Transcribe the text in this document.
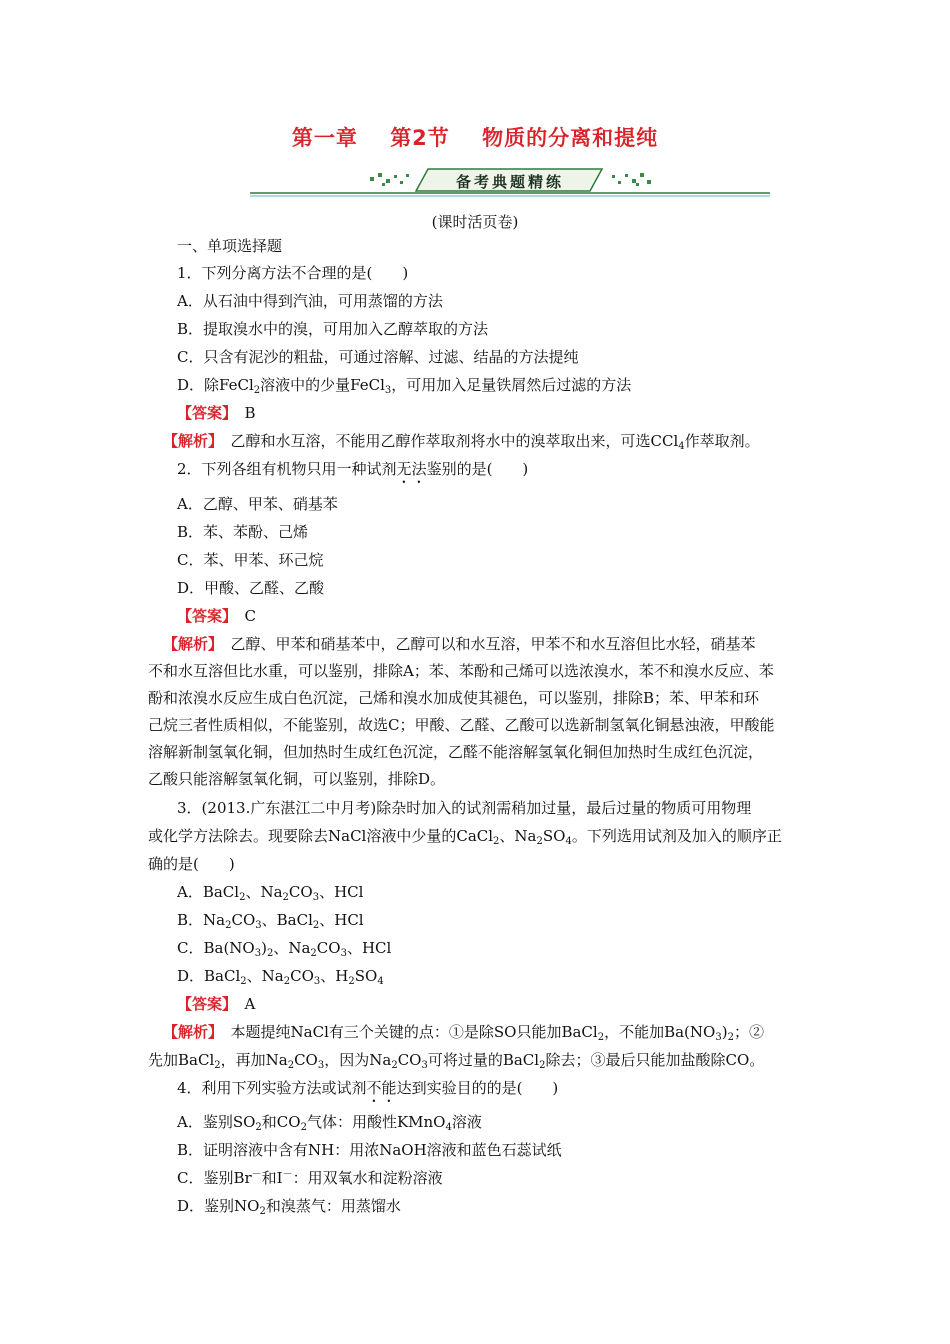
第一章 第2节 物质的分离和提纯
备考典题精练
(课时活页卷)
一、单项选择题
1．下列分离方法不合理的是(　　)
A．从石油中得到汽油，可用蒸馏的方法
B．提取溴水中的溴，可用加入乙醇萃取的方法
C．只含有泥沙的粗盐，可通过溶解、过滤、结晶的方法提纯
D．除FeCl$_2$溶液中的少量FeCl$_3$，可用加入足量铁屑然后过滤的方法
【答案】　 B
【解析】　 乙醇和水互溶，不能用乙醇作萃取剂将水中的溴萃取出来，可选CCl$_4$作萃取剂。
2．下列各组有机物只用一种试剂无法鉴别的是(　　)
A．乙醇、甲苯、硝基苯
B．苯、苯酚、己烯
C．苯、甲苯、环己烷
D．甲酸、乙醛、乙酸
【答案】　 C
【解析】　 乙醇、甲苯和硝基苯中，乙醇可以和水互溶，甲苯不和水互溶但比水轻，硝基苯
不和水互溶但比水重，可以鉴别，排除A；苯、苯酚和己烯可以选浓溴水，苯不和溴水反应、苯
酚和浓溴水反应生成白色沉淀，己烯和溴水加成使其褪色，可以鉴别，排除B；苯、甲苯和环
己烷三者性质相似，不能鉴别，故选C；甲酸、乙醛、乙酸可以选新制氢氧化铜悬浊液，甲酸能
溶解新制氢氧化铜，但加热时生成红色沉淀，乙醛不能溶解氢氧化铜但加热时生成红色沉淀，
乙酸只能溶解氢氧化铜，可以鉴别，排除D。
3．(2013.广东湛江二中月考)除杂时加入的试剂需稍加过量，最后过量的物质可用物理
或化学方法除去。现要除去NaCl溶液中少量的CaCl$_2$、$Na_2SO_4$。下列选用试剂及加入的顺序正
确的是(　　)
A．BaCl$_2$、$Na_2CO_3$、HCl
B．$Na_2CO_3$、BaCl$_2$、HCl
C．$Ba(NO_3)_2$、$Na_2CO_3$、HCl
D．BaCl$_2$、$Na_2CO_3$、$H_2SO_4$
【答案】　 A
【解析】　 本题提纯NaCl有三个关键的点：①是除SO只能加BaCl$_2$，不能加$Ba(NO_3)_2$；②
先加BaCl$_2$，再加$Na_2CO_3$，因为$Na_2CO_3$可将过量的BaCl$_2$除去；③最后只能加盐酸除CO。
4．利用下列实验方法或试剂不能达到实验目的的是(　　)
A．鉴别$SO_2$和$CO_2$气体：用酸性KMnO$_4$溶液
B．证明溶液中含有NH：用浓NaOH溶液和蓝色石蕊试纸
C．鉴别Br－和I－：用双氧水和淀粉溶液
D．鉴别$NO_2$和溴蒸气：用蒸馏水
